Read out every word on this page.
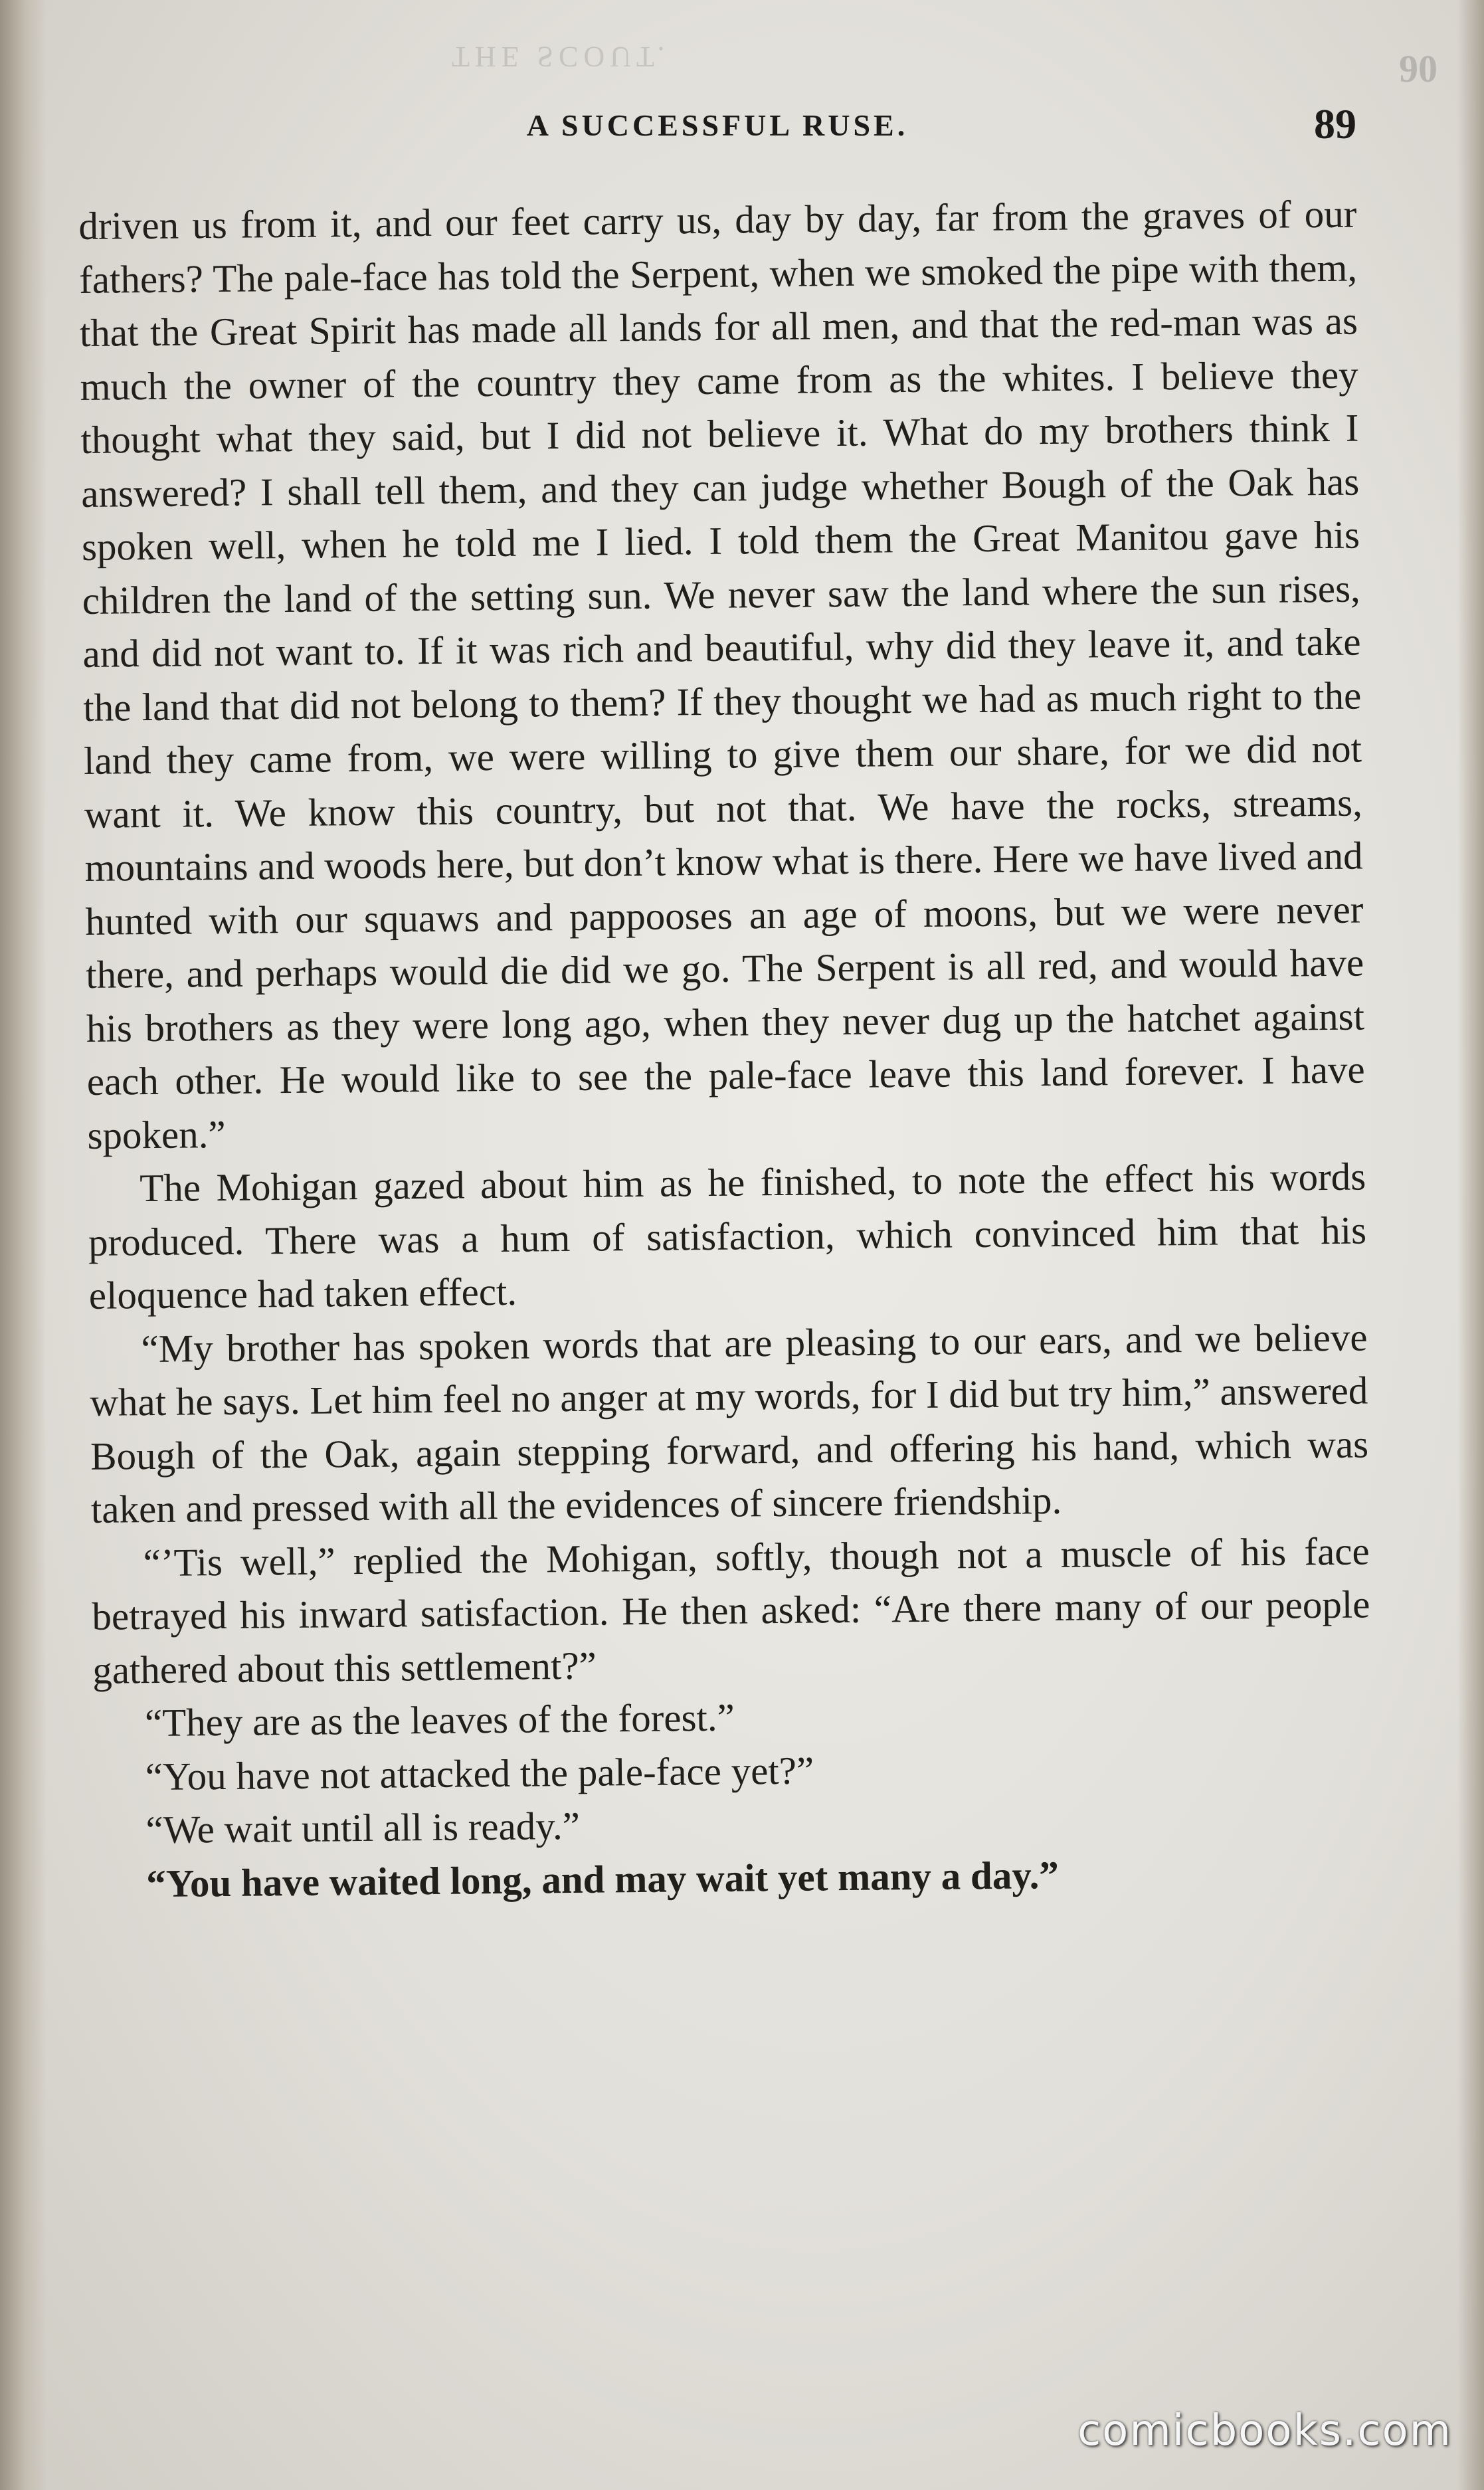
THE SCOUT.	90
A SUCCESSFUL RUSE.	89

driven us from it, and our feet carry us, day by day, far from the graves of our fathers? The pale-face has told the Serpent, when we smoked the pipe with them, that the Great Spirit has made all lands for all men, and that the red-man was as much the owner of the country they came from as the whites. I believe they thought what they said, but I did not believe it. What do my brothers think I answered? I shall tell them, and they can judge whether Bough of the Oak has spoken well, when he told me I lied. I told them the Great Manitou gave his children the land of the setting sun. We never saw the land where the sun rises, and did not want to. If it was rich and beautiful, why did they leave it, and take the land that did not belong to them? If they thought we had as much right to the land they came from, we were willing to give them our share, for we did not want it. We know this country, but not that. We have the rocks, streams, mountains and woods here, but don’t know what is there. Here we have lived and hunted with our squaws and pappooses an age of moons, but we were never there, and perhaps would die did we go. The Serpent is all red, and would have his brothers as they were long ago, when they never dug up the hatchet against each other. He would like to see the pale-face leave this land forever. I have spoken.”

The Mohigan gazed about him as he finished, to note the effect his words produced. There was a hum of satisfaction, which convinced him that his eloquence had taken effect.

“My brother has spoken words that are pleasing to our ears, and we believe what he says. Let him feel no anger at my words, for I did but try him,” answered Bough of the Oak, again stepping forward, and offering his hand, which was taken and pressed with all the evidences of sincere friendship.

“’Tis well,” replied the Mohigan, softly, though not a muscle of his face betrayed his inward satisfaction. He then asked: “Are there many of our people gathered about this settlement?”

“They are as the leaves of the forest.”

“You have not attacked the pale-face yet?”

“We wait until all is ready.”

“You have waited long, and may wait yet many a day.”

comicbooks.com
